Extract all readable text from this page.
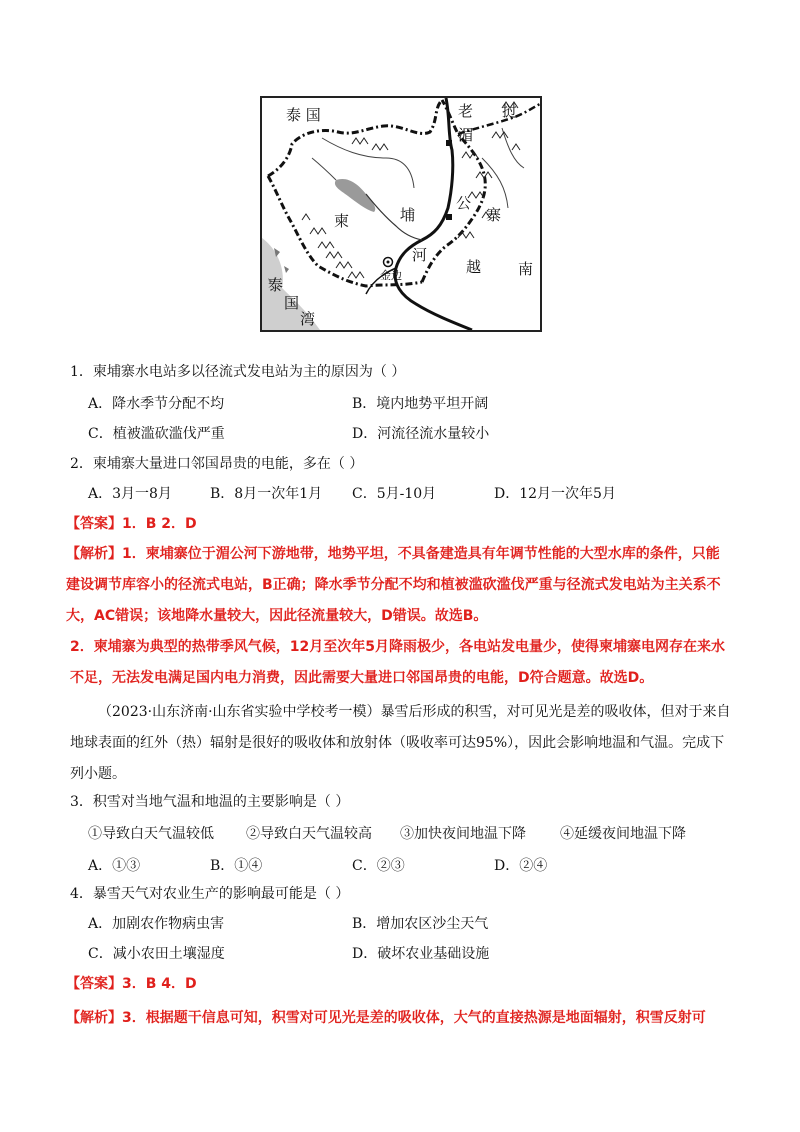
泰 国	老 挝
湄
公
柬	埔	寨
河
金边	越 南
泰
国
湾
1．柬埔寨水电站多以径流式发电站为主的原因为（ ）
A．降水季节分配不均	B．境内地势平坦开阔
C．植被滥砍滥伐严重	D．河流径流水量较小
2．柬埔寨大量进口邻国昂贵的电能，多在（ ）
A．3月一8月	B．8月一次年1月 C．5月-10月	D．12月一次年5月
【答案】1．B 2．D
【解析】1．柬埔寨位于湄公河下游地带，地势平坦，不具备建造具有年调节性能的大型水库的条件，只能建设调节库容小的径流式电站，B正确；降水季节分配不均和植被滥砍滥伐严重与径流式发电站为主关系不大，AC错误；该地降水量较大，因此径流量较大，D错误。故选B。
2．柬埔寨为典型的热带季风气候，12月至次年5月降雨极少，各电站发电量少，使得柬埔寨电网存在来水不足，无法发电满足国内电力消费，因此需要大量进口邻国昂贵的电能，D符合题意。故选D。
（2023·山东济南·山东省实验中学校考一模）暴雪后形成的积雪，对可见光是差的吸收体，但对于来自地球表面的红外（热）辐射是很好的吸收体和放射体（吸收率可达95%），因此会影响地温和气温。完成下列小题。
3．积雪对当地气温和地温的主要影响是（ ）
①导致白天气温较低 ②导致白天气温较高 ③加快夜间地温下降 ④延缓夜间地温下降
A．①③	B．①④	C．②③	D．②④
4．暴雪天气对农业生产的影响最可能是（ ）
A．加剧农作物病虫害	B．增加农区沙尘天气
C．减小农田土壤湿度	D．破坏农业基础设施
【答案】3．B 4．D
【解析】3．根据题干信息可知，积雪对可见光是差的吸收体，大气的直接热源是地面辐射，积雪反射可
